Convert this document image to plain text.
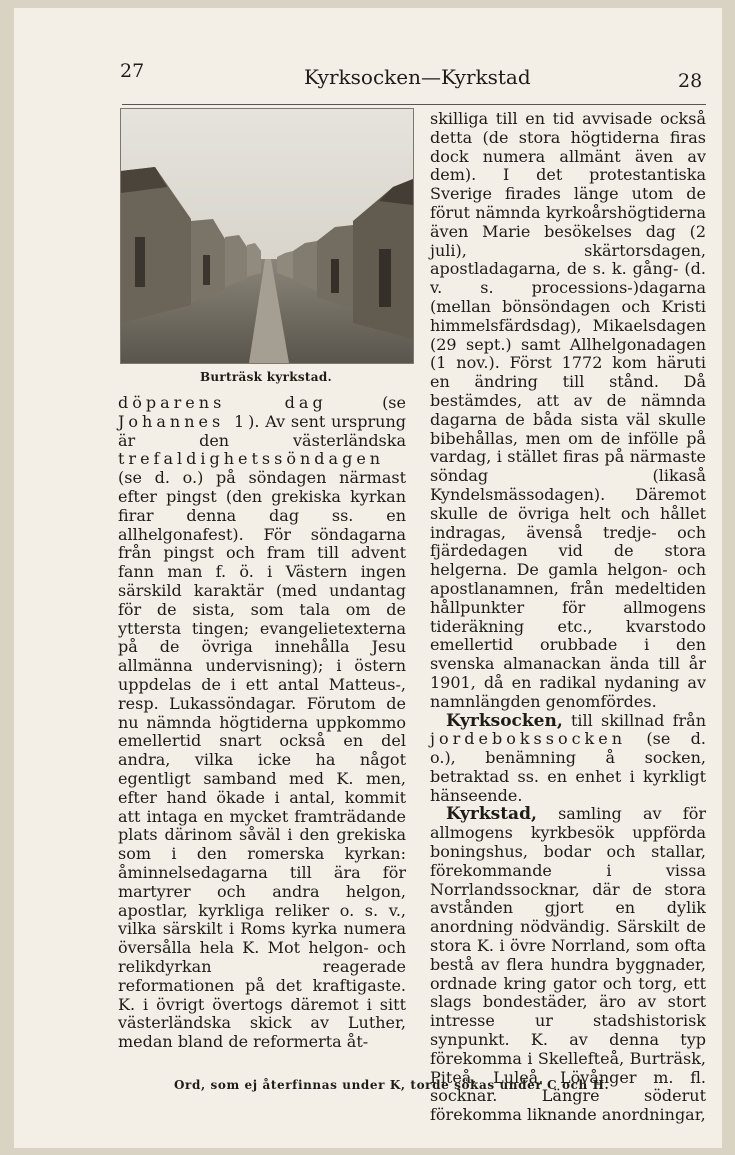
27	Kyrksocken—Kyrkstad	28
Burträsk kyrkstad.

döparens dag (se Johannes 1). Av sent ursprung är den västerländska trefaldighetssöndagen (se d. o.) på söndagen närmast efter pingst (den grekiska kyrkan firar denna dag ss. en allhelgonafest). För söndagarna från pingst och fram till advent fann man f. ö. i Västern ingen särskild karaktär (med undantag för de sista, som tala om de yttersta tingen; evangelietexterna på de övriga innehålla Jesu allmänna undervisning); i östern uppdelas de i ett antal Matteus-, resp. Lukassöndagar. Förutom de nu nämnda högtiderna uppkommo emellertid snart också en del andra, vilka icke ha något egentligt samband med K. men, efter hand ökade i antal, kommit att intaga en mycket framträdande plats därinom såväl i den grekiska som i den romerska kyrkan: åminnelsedagarna till ära för martyrer och andra helgon, apostlar, kyrkliga reliker o. s. v., vilka särskilt i Roms kyrka numera översålla hela K. Mot helgon- och relikdyrkan reagerade reformationen på det kraftigaste. K. i övrigt övertogs däremot i sitt västerländska skick av Luther, medan bland de reformerta åt-

skilliga till en tid avvisade också detta (de stora högtiderna firas dock numera allmänt även av dem). I det protestantiska Sverige firades länge utom de förut nämnda kyrkoårshögtiderna även Marie besökelses dag (2 juli), skärtorsdagen, apostladagarna, de s. k. gång- (d. v. s. processions-)dagarna (mellan bönsöndagen och Kristi himmelsfärdsdag), Mikaelsdagen (29 sept.) samt Allhelgonadagen (1 nov.). Först 1772 kom häruti en ändring till stånd. Då bestämdes, att av de nämnda dagarna de båda sista väl skulle bibehållas, men om de infölle på vardag, i stället firas på närmaste söndag (likaså Kyndelsmässodagen). Däremot skulle de övriga helt och hållet indragas, ävenså tredje- och fjärdedagen vid de stora helgerna. De gamla helgon- och apostlanamnen, från medeltiden hållpunkter för allmogens tideräkning etc., kvarstodo emellertid orubbade i den svenska almanackan ända till år 1901, då en radikal nydaning av namnlängden genomfördes.

Kyrksocken, till skillnad från jordebokssocken (se d. o.), benämning å socken, betraktad ss. en enhet i kyrkligt hänseende.

Kyrkstad, samling av för allmogens kyrkbesök uppförda boningshus, bodar och stallar, förekommande i vissa Norrlandssocknar, där de stora avstånden gjort en dylik anordning nödvändig. Särskilt de stora K. i övre Norrland, som ofta bestå av flera hundra byggnader, ordnade kring gator och torg, ett slags bondestäder, äro av stort intresse ur stadshistorisk synpunkt. K. av denna typ förekomma i Skellefteå, Burträsk, Piteå, Luleå, Lövånger m. fl. socknar. Längre söderut förekomma liknande anordningar,

Ord, som ej återfinnas under K, torde sökas under C och H.
